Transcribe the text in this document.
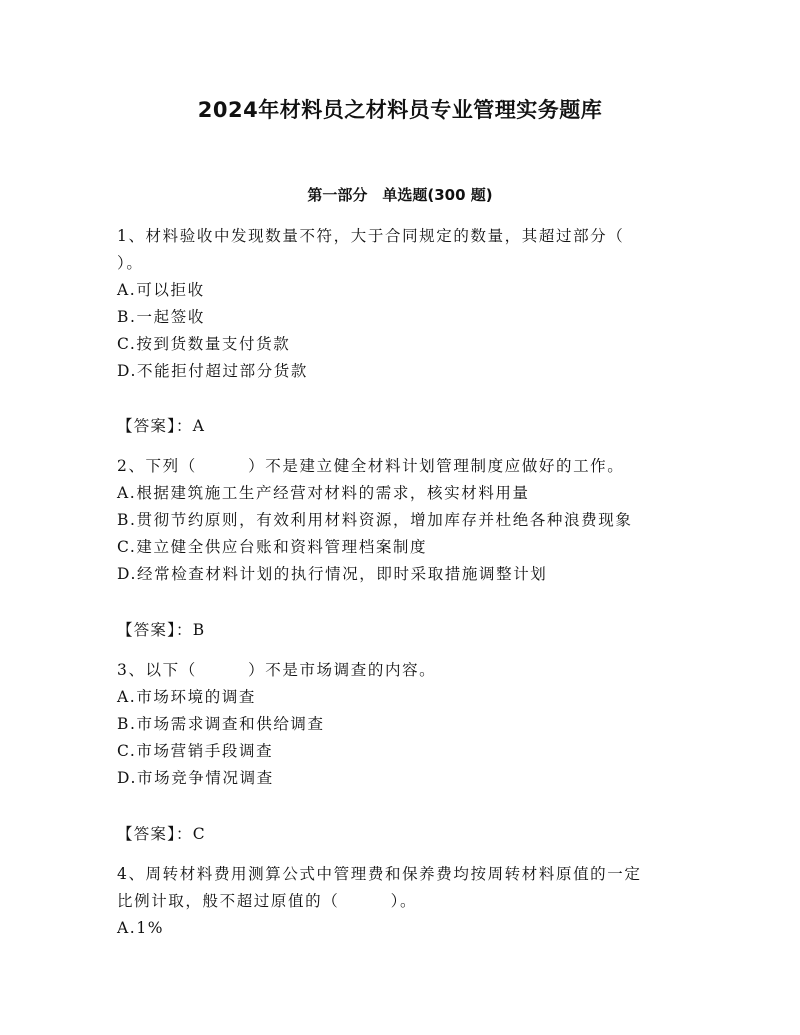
2024年材料员之材料员专业管理实务题库
第一部分　单选题(300 题)
1、材料验收中发现数量不符，大于合同规定的数量，其超过部分（
）。
A.可以拒收
B.一起签收
C.按到货数量支付货款
D.不能拒付超过部分货款
【答案】：A
2、下列（　　　）不是建立健全材料计划管理制度应做好的工作。
A.根据建筑施工生产经营对材料的需求，核实材料用量
B.贯彻节约原则，有效利用材料资源，增加库存并杜绝各种浪费现象
C.建立健全供应台账和资料管理档案制度
D.经常检查材料计划的执行情况，即时采取措施调整计划
【答案】：B
3、以下（　　　）不是市场调查的内容。
A.市场环境的调查
B.市场需求调查和供给调查
C.市场营销手段调查
D.市场竞争情况调查
【答案】：C
4、周转材料费用测算公式中管理费和保养费均按周转材料原值的一定
比例计取，般不超过原值的（　　　）。
A.1%
